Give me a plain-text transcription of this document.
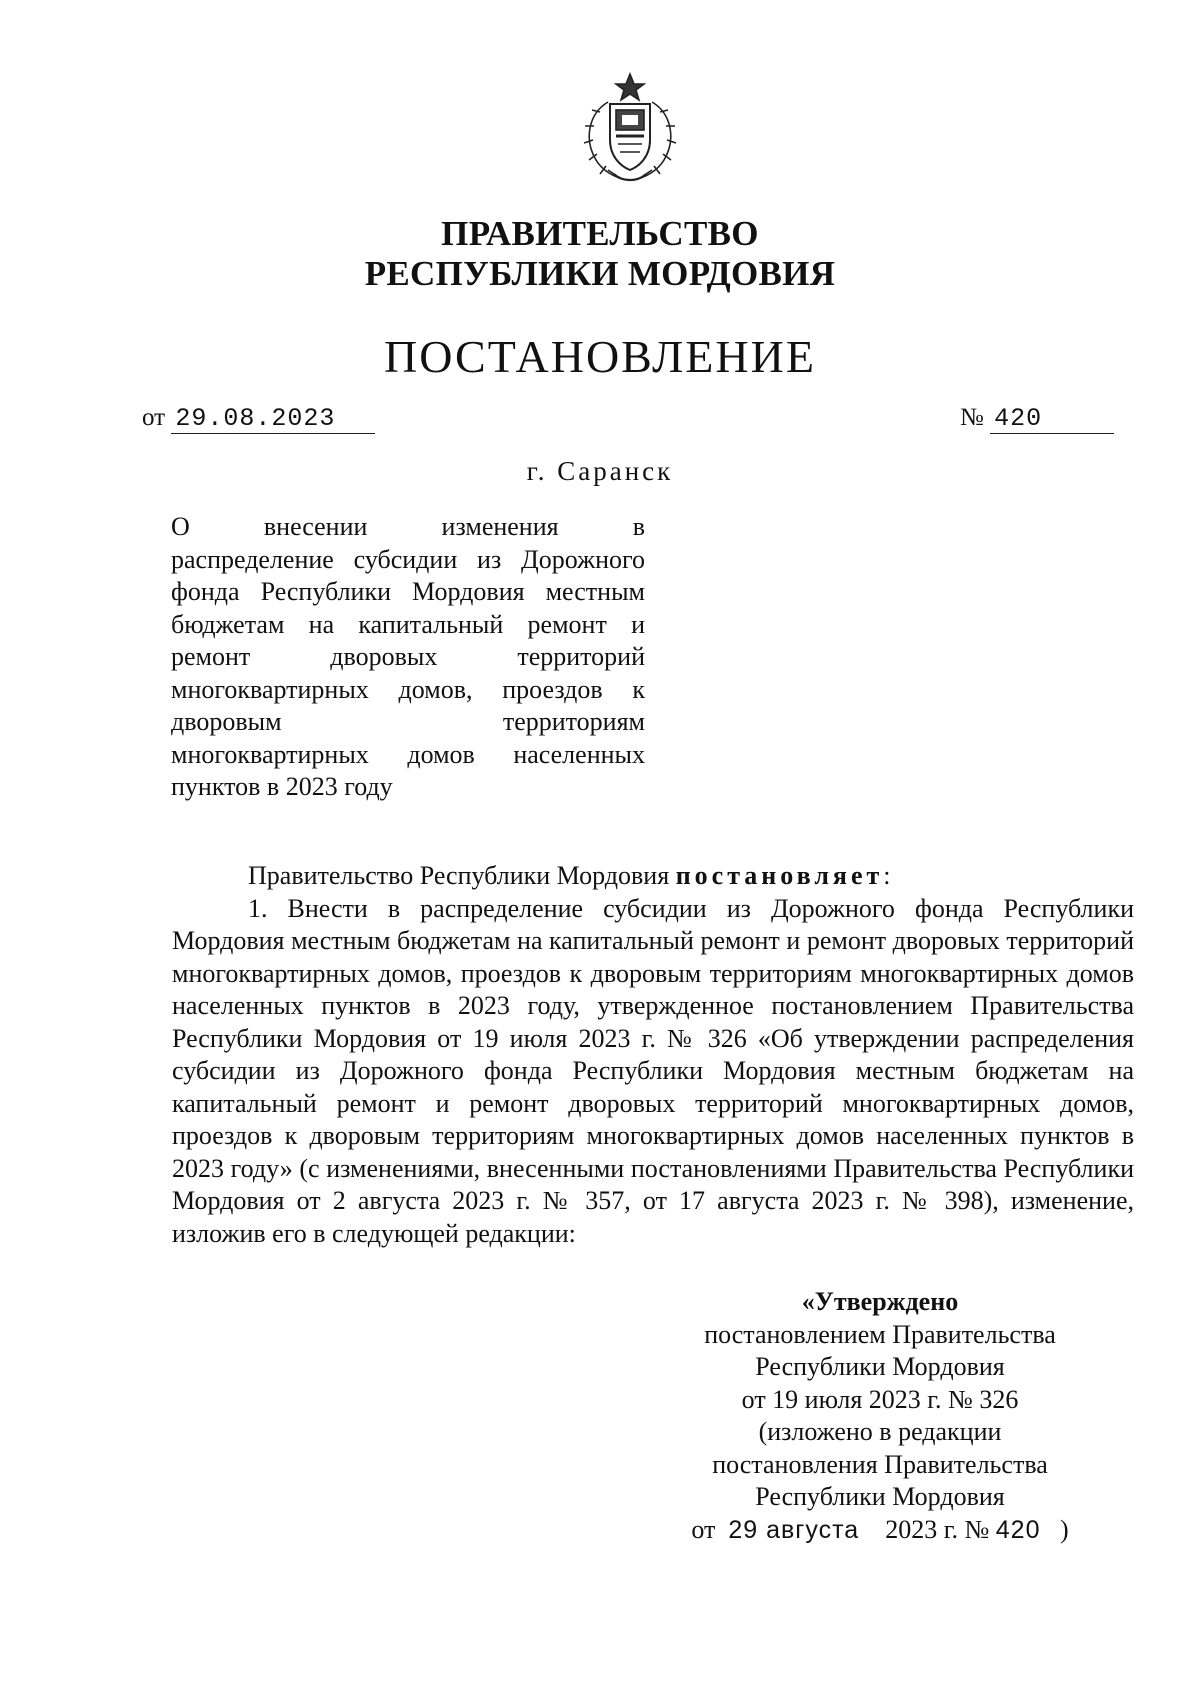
ПРАВИТЕЛЬСТВО
РЕСПУБЛИКИ МОРДОВИЯ
ПОСТАНОВЛЕНИЕ
от 29.08.2023	№ 420
г. Саранск
О внесении изменения в
распределение субсидии из Дорожного
фонда Республики Мордовия местным
бюджетам на капитальный ремонт и
ремонт дворовых территорий
многоквартирных домов, проездов к
дворовым территориям
многоквартирных домов населенных
пунктов в 2023 году
Правительство Республики Мордовия постановляет:

1. Внести в распределение субсидии из Дорожного фонда Республики Мордовия местным бюджетам на капитальный ремонт и ремонт дворовых территорий многоквартирных домов, проездов к дворовым территориям многоквартирных домов населенных пунктов в 2023 году, утвержденное постановлением Правительства Республики Мордовия от 19 июля 2023 г. № 326 «Об утверждении распределения субсидии из Дорожного фонда Республики Мордовия местным бюджетам на капитальный ремонт и ремонт дворовых территорий многоквартирных домов, проездов к дворовым территориям многоквартирных домов населенных пунктов в 2023 году» (с изменениями, внесенными постановлениями Правительства Республики Мордовия от 2 августа 2023 г. № 357, от 17 августа 2023 г. № 398), изменение, изложив его в следующей редакции:

«Утверждено
постановлением Правительства
Республики Мордовия
от 19 июля 2023 г. № 326
(изложено в редакции
постановления Правительства
Республики Мордовия
от 29 августа 2023 г. № 420 )
